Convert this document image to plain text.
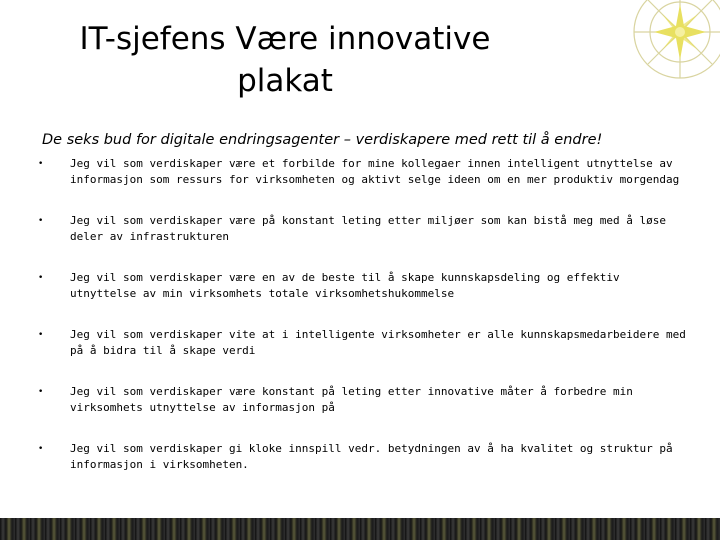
IT-sjefens Være innovative plakat

De seks bud for digitale endringsagenter – verdiskapere med rett til å endre!

• Jeg vil som verdiskaper være et forbilde for mine kollegaer innen intelligent utnyttelse av informasjon som ressurs for virksomheten og aktivt selge ideen om en mer produktiv morgendag
• Jeg vil som verdiskaper være på konstant leting etter miljøer som kan bistå meg med å løse deler av infrastrukturen
• Jeg vil som verdiskaper være en av de beste til å skape kunnskapsdeling og effektiv utnyttelse av min virksomhets totale virksomhetshukommelse
• Jeg vil som verdiskaper vite at i intelligente virksomheter er alle kunnskapsmedarbeidere med på å bidra til å skape verdi
• Jeg vil som verdiskaper være konstant på leting etter innovative måter å forbedre min virksomhets utnyttelse av informasjon på
• Jeg vil som verdiskaper gi kloke innspill vedr. betydningen av å ha kvalitet og struktur på informasjon i virksomheten.
